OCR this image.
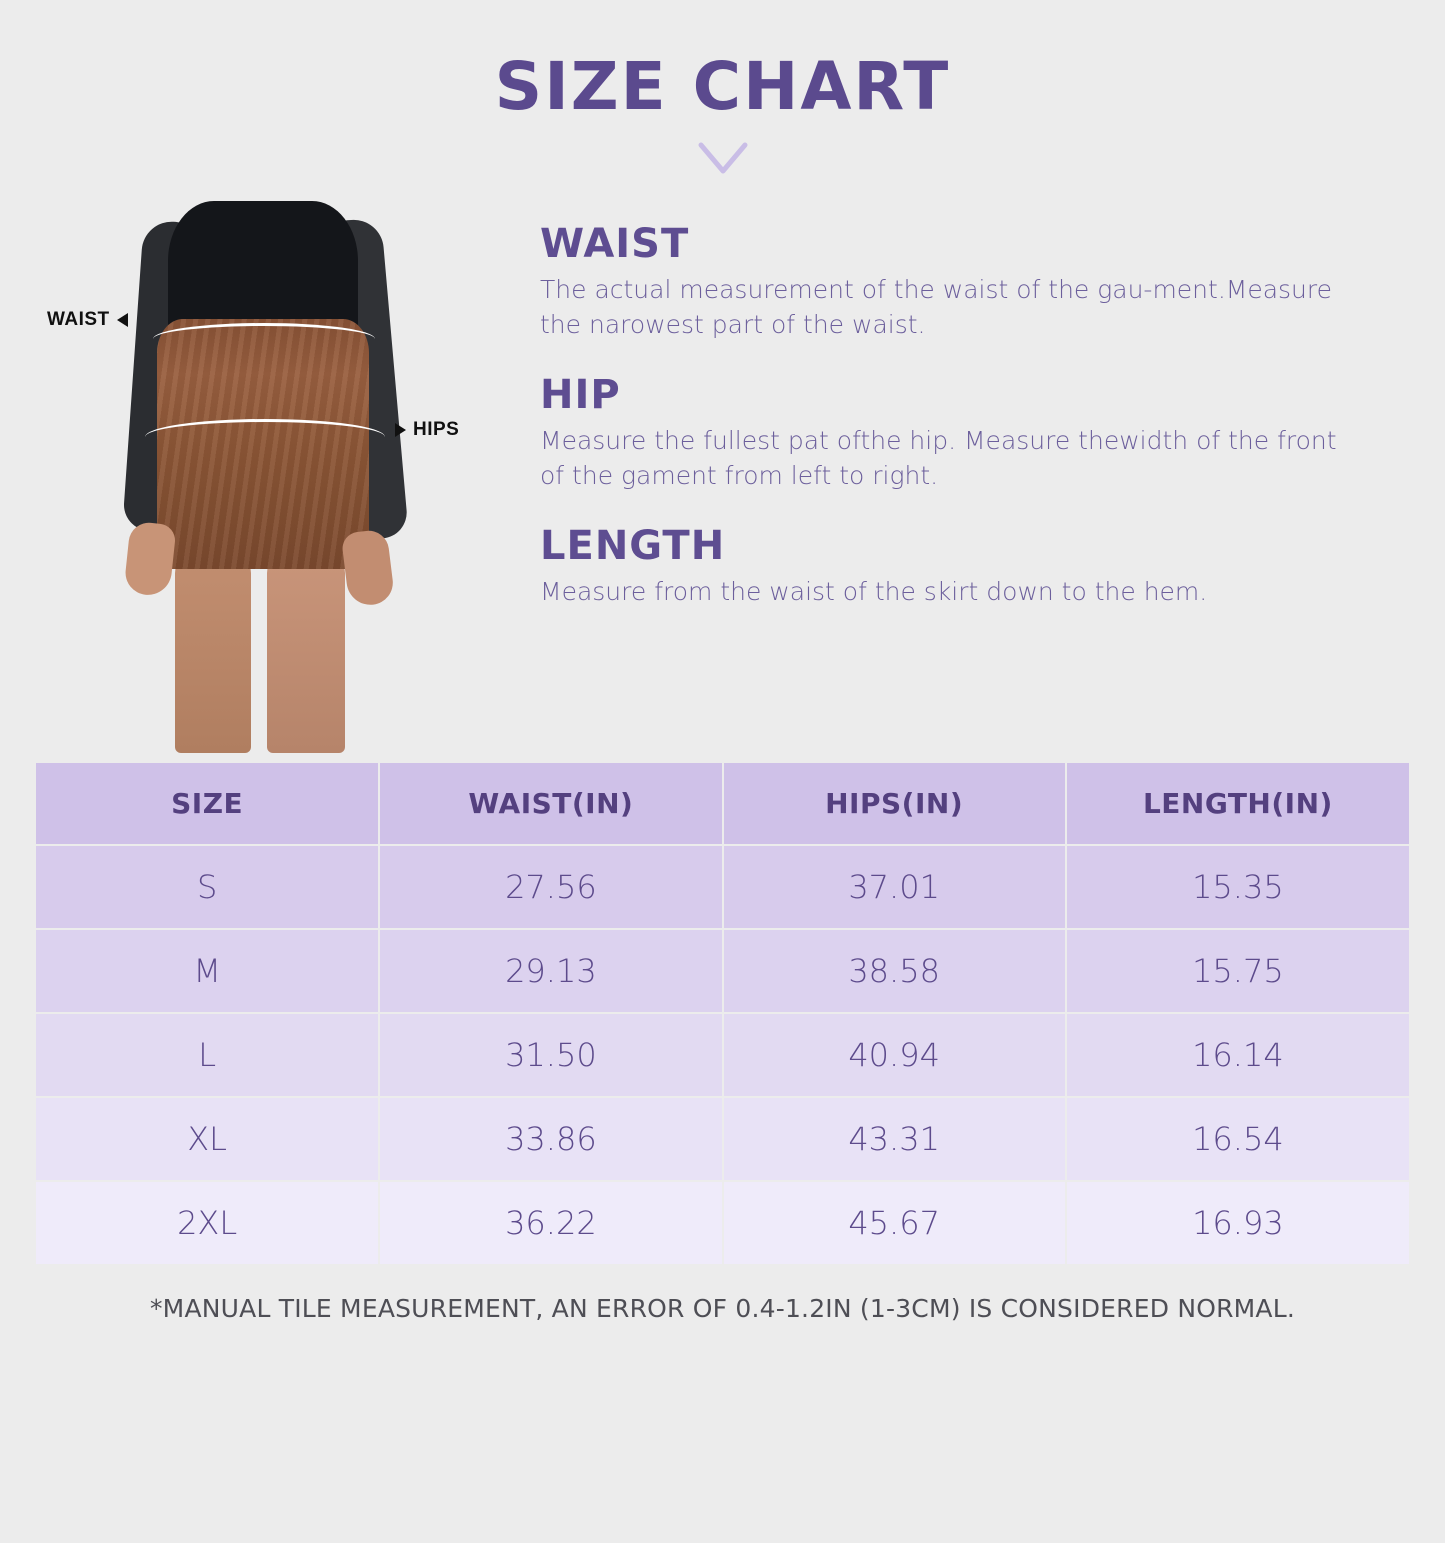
SIZE CHART
WAIST
HIPS
WAIST

The actual measurement of the waist of the gau-ment.Measure the narowest part of the waist.

HIP

Measure the fullest pat ofthe hip. Measure thewidth of the front of the gament from left to right.

LENGTH

Measure from the waist of the skirt down to the hem.

SIZE	WAIST(IN)	HIPS(IN)	LENGTH(IN)
S	27.56	37.01	15.35
M	29.13	38.58	15.75
L	31.50	40.94	16.14
XL	33.86	43.31	16.54
2XL	36.22	45.67	16.93
*MANUAL TILE MEASUREMENT, AN ERROR OF 0.4-1.2IN (1-3CM) IS CONSIDERED NORMAL.
